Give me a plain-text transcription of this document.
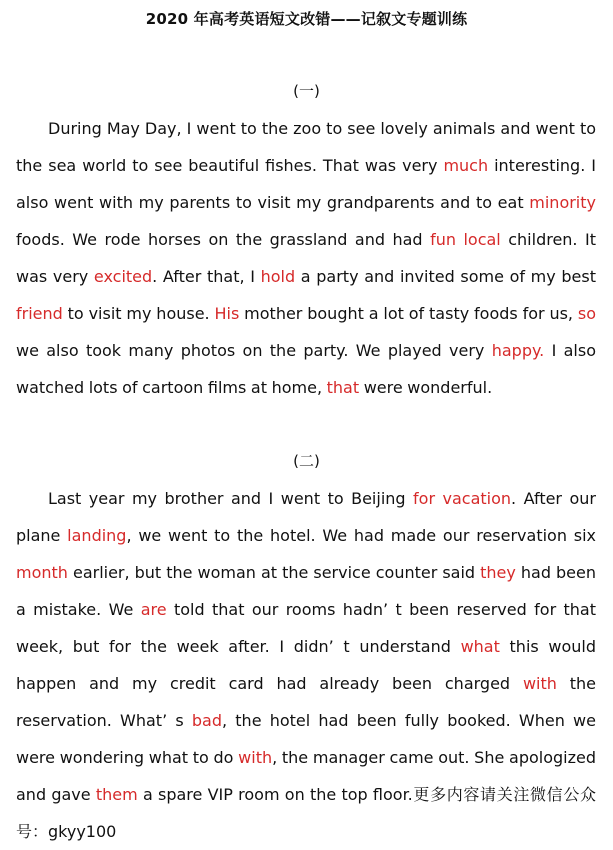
2020 年高考英语短文改错——记叙文专题训练
(一)

During May Day, I went to the zoo to see lovely animals and went to the sea world to see beautiful fishes. That was very much interesting. I also went with my parents to visit my grandparents and to eat minority foods. We rode horses on the grassland and had fun local children. It was very excited. After that, I hold a party and invited some of my best friend to visit my house. His mother bought a lot of tasty foods for us, so we also took many photos on the party. We played very happy. I also watched lots of cartoon films at home, that were wonderful.

(二)

Last year my brother and I went to Beijing for vacation. After our plane landing, we went to the hotel. We had made our reservation six month earlier, but the woman at the service counter said they had been a mistake. We are told that our rooms hadn’ t been reserved for that week, but for the week after. I didn’ t understand what this would happen and my credit card had already been charged with the reservation. What’ s bad, the hotel had been fully booked. When we were wondering what to do with, the manager came out. She apologized and gave them a spare VIP room on the top floor.更多内容请关注微信公众号：gkyy100
